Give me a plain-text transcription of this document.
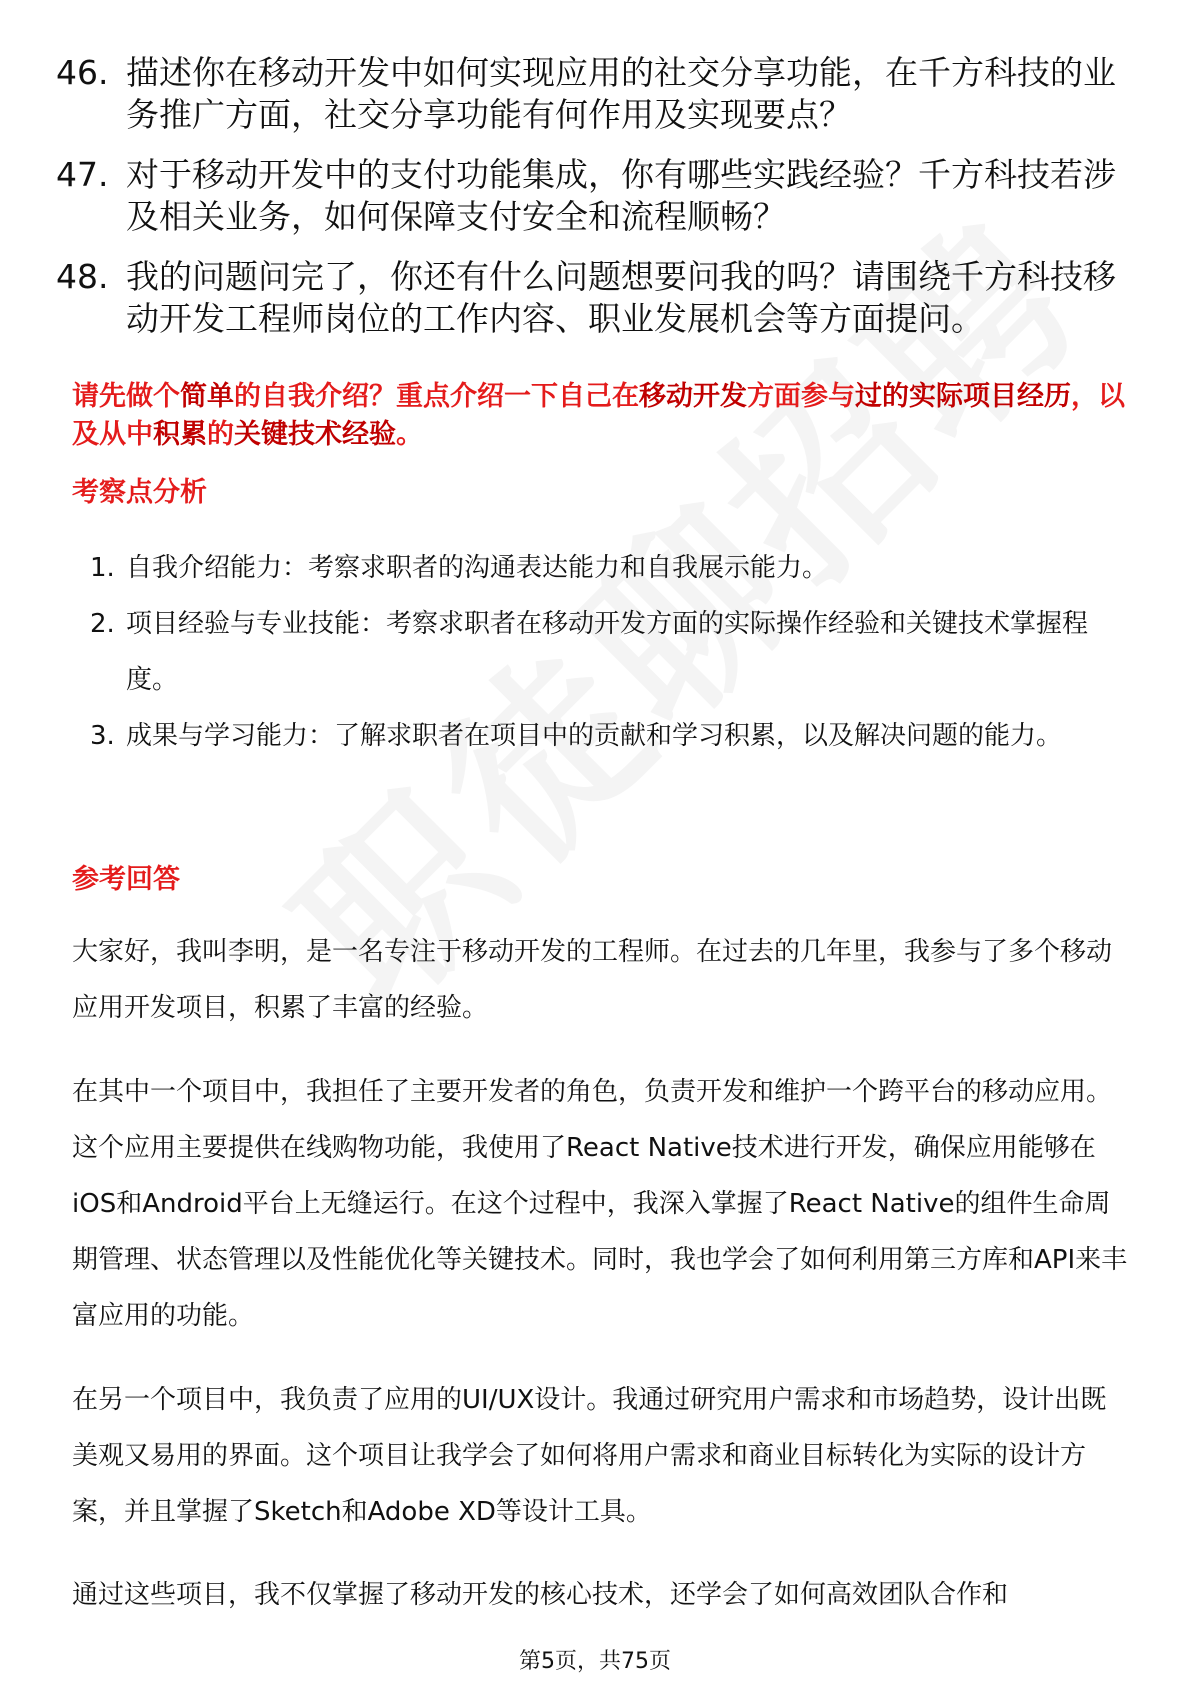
46. 描述你在移动开发中如何实现应用的社交分享功能，在千方科技的业务推广方面，社交分享功能有何作用及实现要点？
47. 对于移动开发中的支付功能集成，你有哪些实践经验？千方科技若涉及相关业务，如何保障支付安全和流程顺畅？
48. 我的问题问完了，你还有什么问题想要问我的吗？请围绕千方科技移动开发工程师岗位的工作内容、职业发展机会等方面提问。
请先做个简单的自我介绍？重点介绍一下自己在移动开发方面参与过的实际项目经历，以及从中积累的关键技术经验。
考察点分析
1. 自我介绍能力：考察求职者的沟通表达能力和自我展示能力。
2. 项目经验与专业技能：考察求职者在移动开发方面的实际操作经验和关键技术掌握程度。
3. 成果与学习能力：了解求职者在项目中的贡献和学习积累，以及解决问题的能力。
参考回答
大家好，我叫李明，是一名专注于移动开发的工程师。在过去的几年里，我参与了多个移动应用开发项目，积累了丰富的经验。
在其中一个项目中，我担任了主要开发者的角色，负责开发和维护一个跨平台的移动应用。这个应用主要提供在线购物功能，我使用了React Native技术进行开发，确保应用能够在iOS和Android平台上无缝运行。在这个过程中，我深入掌握了React Native的组件生命周期管理、状态管理以及性能优化等关键技术。同时，我也学会了如何利用第三方库和API来丰富应用的功能。
在另一个项目中，我负责了应用的UI/UX设计。我通过研究用户需求和市场趋势，设计出既美观又易用的界面。这个项目让我学会了如何将用户需求和商业目标转化为实际的设计方案，并且掌握了Sketch和Adobe XD等设计工具。
通过这些项目，我不仅掌握了移动开发的核心技术，还学会了如何高效团队合作和
第5页，共75页
